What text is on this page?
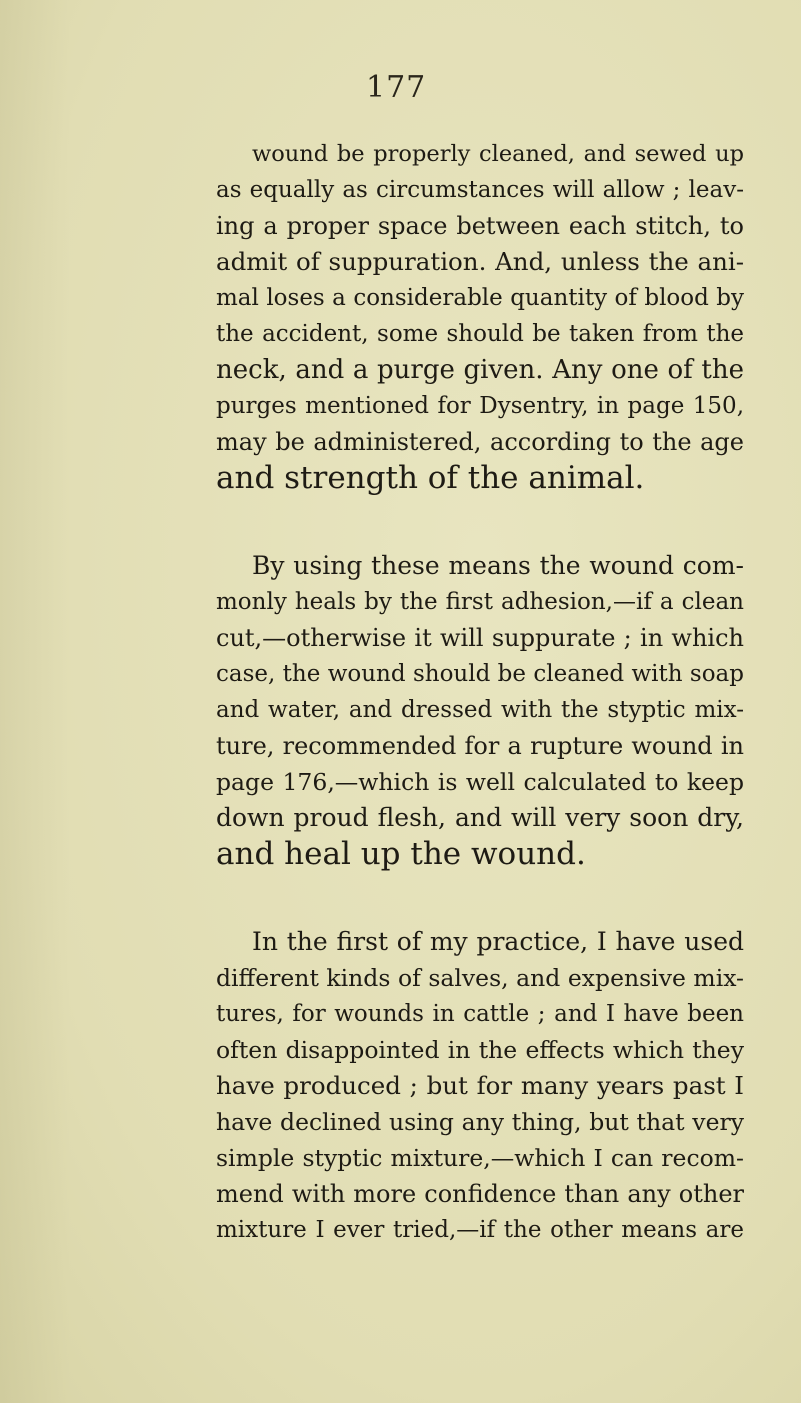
177
wound be properly cleaned, and sewed up
as equally as circumstances will allow ; leav-
ing a proper space between each stitch, to
admit of suppuration. And, unless the ani-
mal loses a considerable quantity of blood by
the accident, some should be taken from the
neck, and a purge given. Any one of the
purges mentioned for Dysentry, in page 150,
may be administered, according to the age
and strength of the animal.
By using these means the wound com-
monly heals by the first adhesion,—if a clean
cut,—otherwise it will suppurate ; in which
case, the wound should be cleaned with soap
and water, and dressed with the styptic mix-
ture, recommended for a rupture wound in
page 176,—which is well calculated to keep
down proud flesh, and will very soon dry,
and heal up the wound.
In the first of my practice, I have used
different kinds of salves, and expensive mix-
tures, for wounds in cattle ; and I have been
often disappointed in the effects which they
have produced ; but for many years past I
have declined using any thing, but that very
simple styptic mixture,—which I can recom-
mend with more confidence than any other
mixture I ever tried,—if the other means are
